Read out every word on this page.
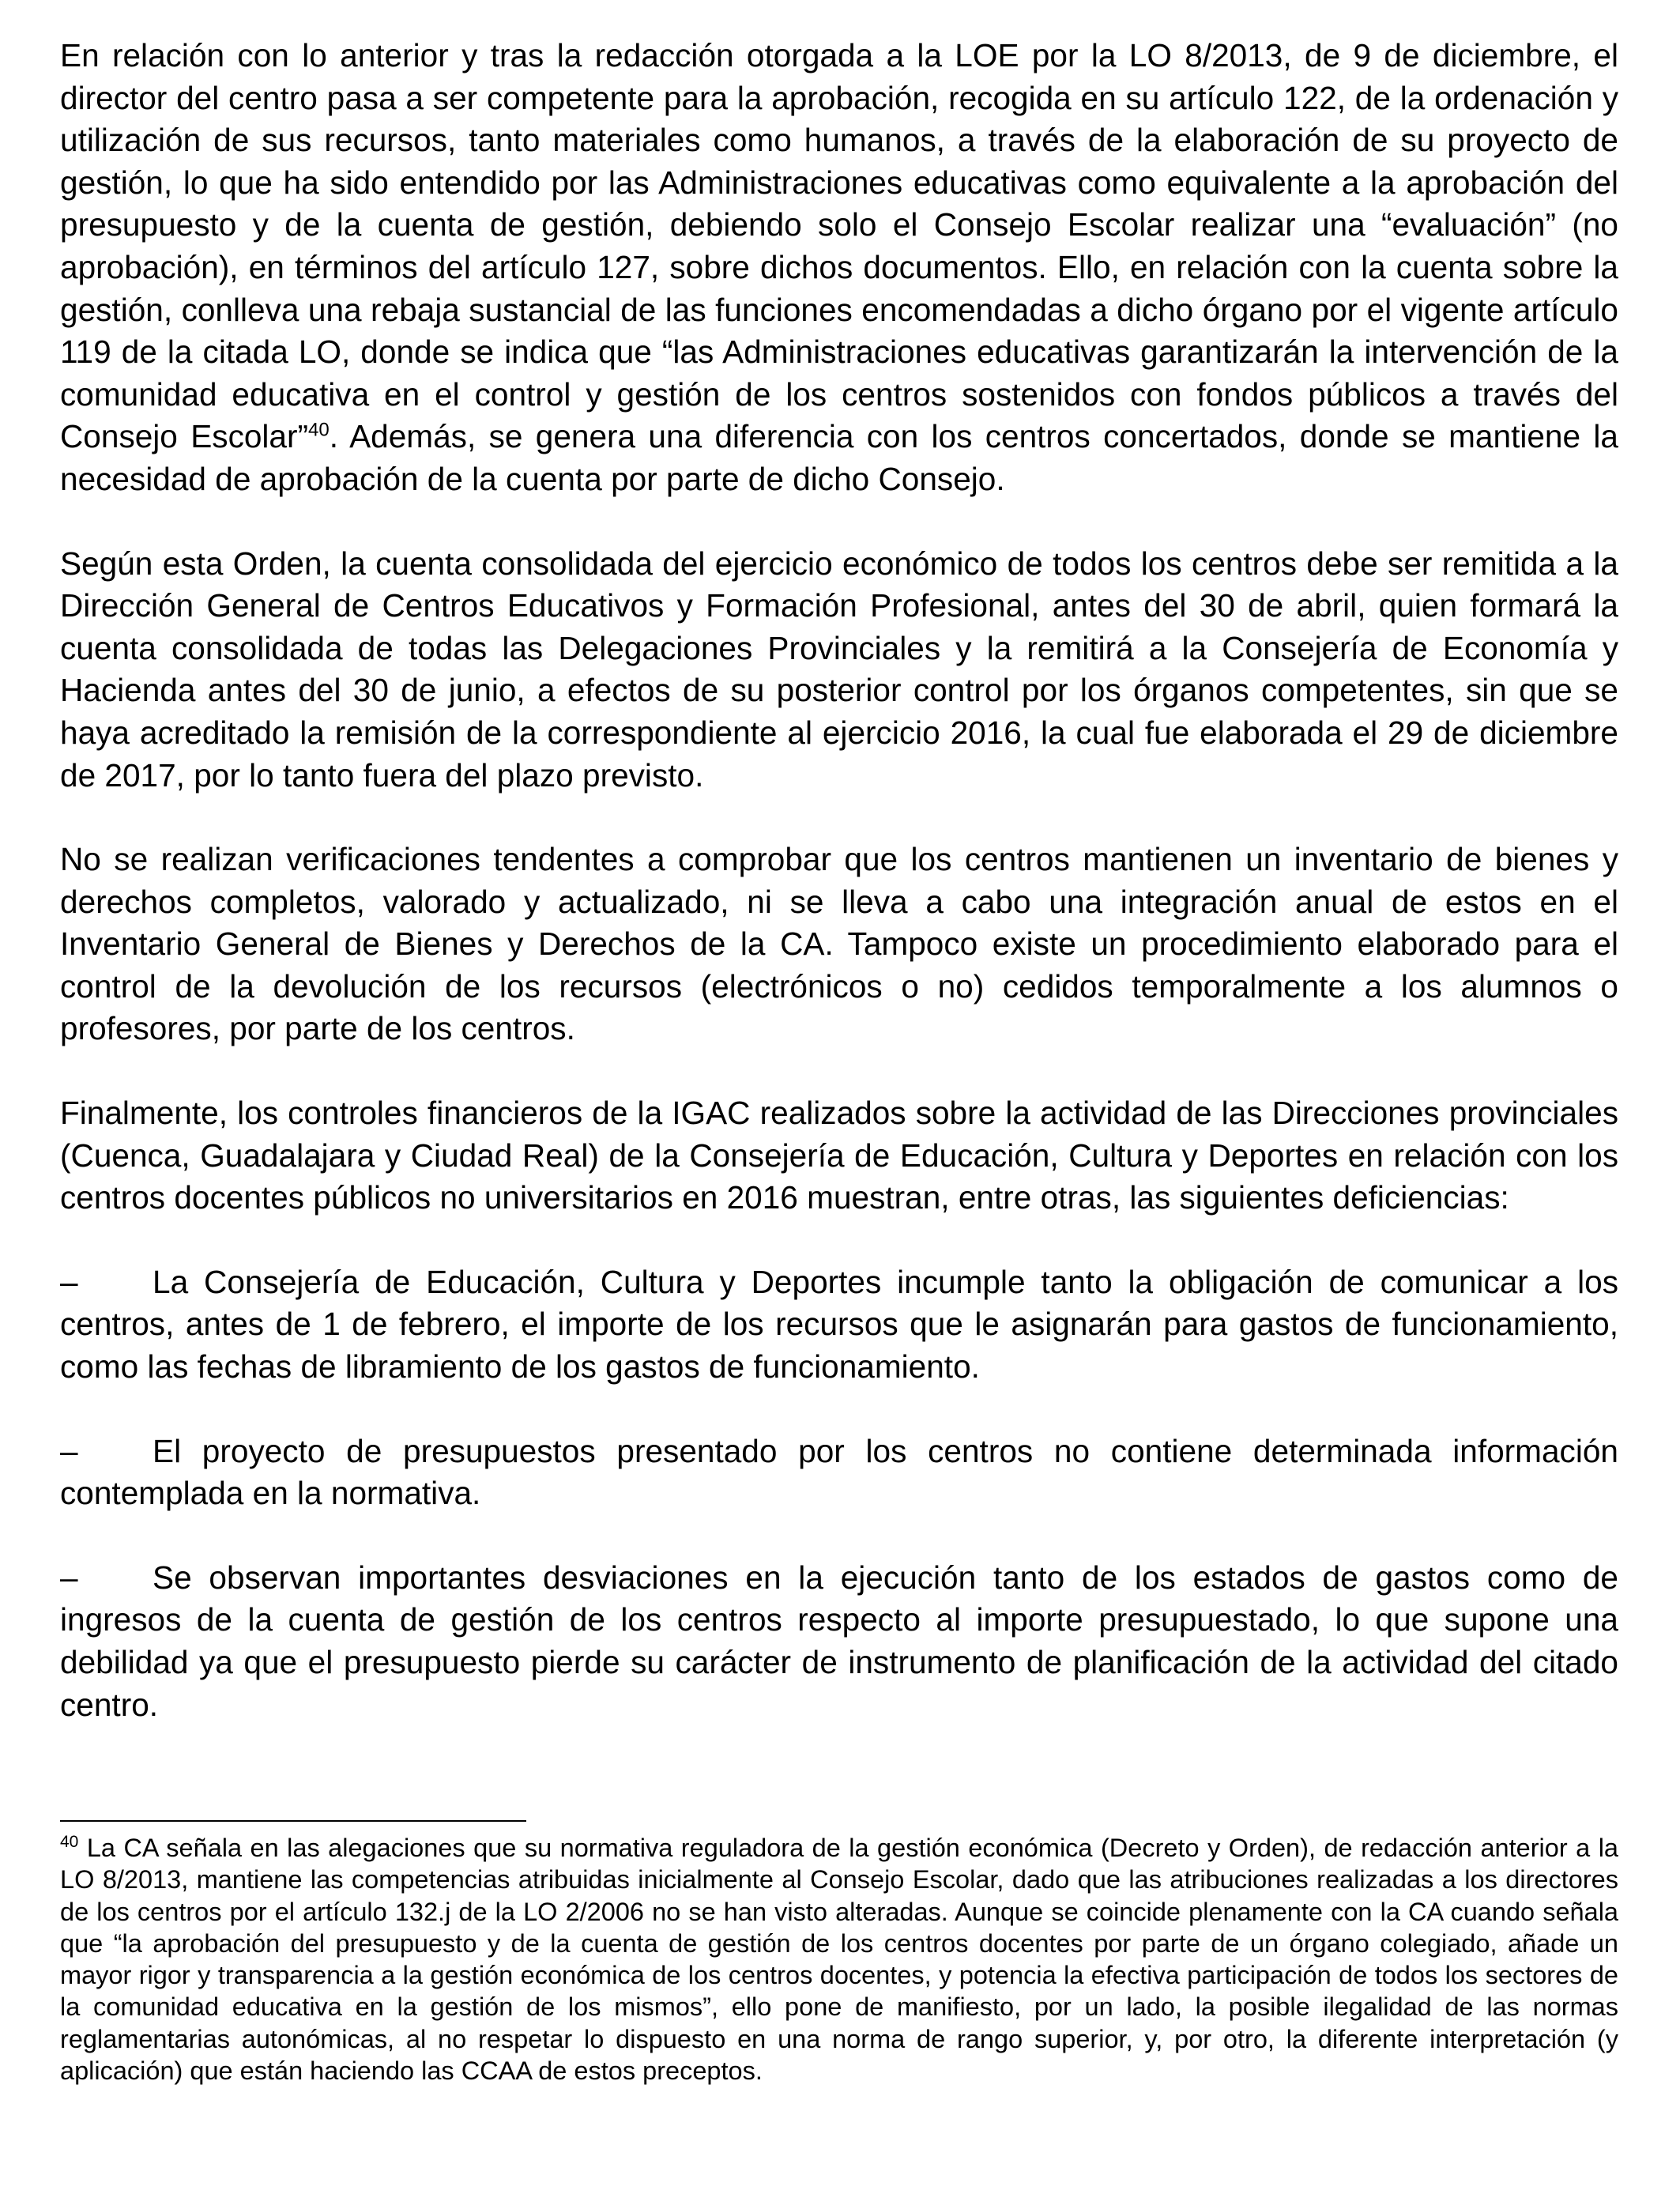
En relación con lo anterior y tras la redacción otorgada a la LOE por la LO 8/2013, de 9 de diciembre, el director del centro pasa a ser competente para la aprobación, recogida en su artículo 122, de la ordenación y utilización de sus recursos, tanto materiales como humanos, a través de la elaboración de su proyecto de gestión, lo que ha sido entendido por las Administraciones educativas como equivalente a la aprobación del presupuesto y de la cuenta de gestión, debiendo solo el Consejo Escolar realizar una “evaluación” (no aprobación), en términos del artículo 127, sobre dichos documentos. Ello, en relación con la cuenta sobre la gestión, conlleva una rebaja sustancial de las funciones encomendadas a dicho órgano por el vigente artículo 119 de la citada LO, donde se indica que “las Administraciones educativas garantizarán la intervención de la comunidad educativa en el control y gestión de los centros sostenidos con fondos públicos a través del Consejo Escolar”$^{40}$. Además, se genera una diferencia con los centros concertados, donde se mantiene la necesidad de aprobación de la cuenta por parte de dicho Consejo.

Según esta Orden, la cuenta consolidada del ejercicio económico de todos los centros debe ser remitida a la Dirección General de Centros Educativos y Formación Profesional, antes del 30 de abril, quien formará la cuenta consolidada de todas las Delegaciones Provinciales y la remitirá a la Consejería de Economía y Hacienda antes del 30 de junio, a efectos de su posterior control por los órganos competentes, sin que se haya acreditado la remisión de la correspondiente al ejercicio 2016, la cual fue elaborada el 29 de diciembre de 2017, por lo tanto fuera del plazo previsto.

No se realizan verificaciones tendentes a comprobar que los centros mantienen un inventario de bienes y derechos completos, valorado y actualizado, ni se lleva a cabo una integración anual de estos en el Inventario General de Bienes y Derechos de la CA. Tampoco existe un procedimiento elaborado para el control de la devolución de los recursos (electrónicos o no) cedidos temporalmente a los alumnos o profesores, por parte de los centros.

Finalmente, los controles financieros de la IGAC realizados sobre la actividad de las Direcciones provinciales (Cuenca, Guadalajara y Ciudad Real) de la Consejería de Educación, Cultura y Deportes en relación con los centros docentes públicos no universitarios en 2016 muestran, entre otras, las siguientes deficiencias:

– La Consejería de Educación, Cultura y Deportes incumple tanto la obligación de comunicar a los centros, antes de 1 de febrero, el importe de los recursos que le asignarán para gastos de funcionamiento, como las fechas de libramiento de los gastos de funcionamiento.

– El proyecto de presupuestos presentado por los centros no contiene determinada información contemplada en la normativa.

– Se observan importantes desviaciones en la ejecución tanto de los estados de gastos como de ingresos de la cuenta de gestión de los centros respecto al importe presupuestado, lo que supone una debilidad ya que el presupuesto pierde su carácter de instrumento de planificación de la actividad del citado centro.

$^{40}$ La CA señala en las alegaciones que su normativa reguladora de la gestión económica (Decreto y Orden), de redacción anterior a la LO 8/2013, mantiene las competencias atribuidas inicialmente al Consejo Escolar, dado que las atribuciones realizadas a los directores de los centros por el artículo 132.j de la LO 2/2006 no se han visto alteradas. Aunque se coincide plenamente con la CA cuando señala que “la aprobación del presupuesto y de la cuenta de gestión de los centros docentes por parte de un órgano colegiado, añade un mayor rigor y transparencia a la gestión económica de los centros docentes, y potencia la efectiva participación de todos los sectores de la comunidad educativa en la gestión de los mismos”, ello pone de manifiesto, por un lado, la posible ilegalidad de las normas reglamentarias autonómicas, al no respetar lo dispuesto en una norma de rango superior, y, por otro, la diferente interpretación (y aplicación) que están haciendo las CCAA de estos preceptos.
